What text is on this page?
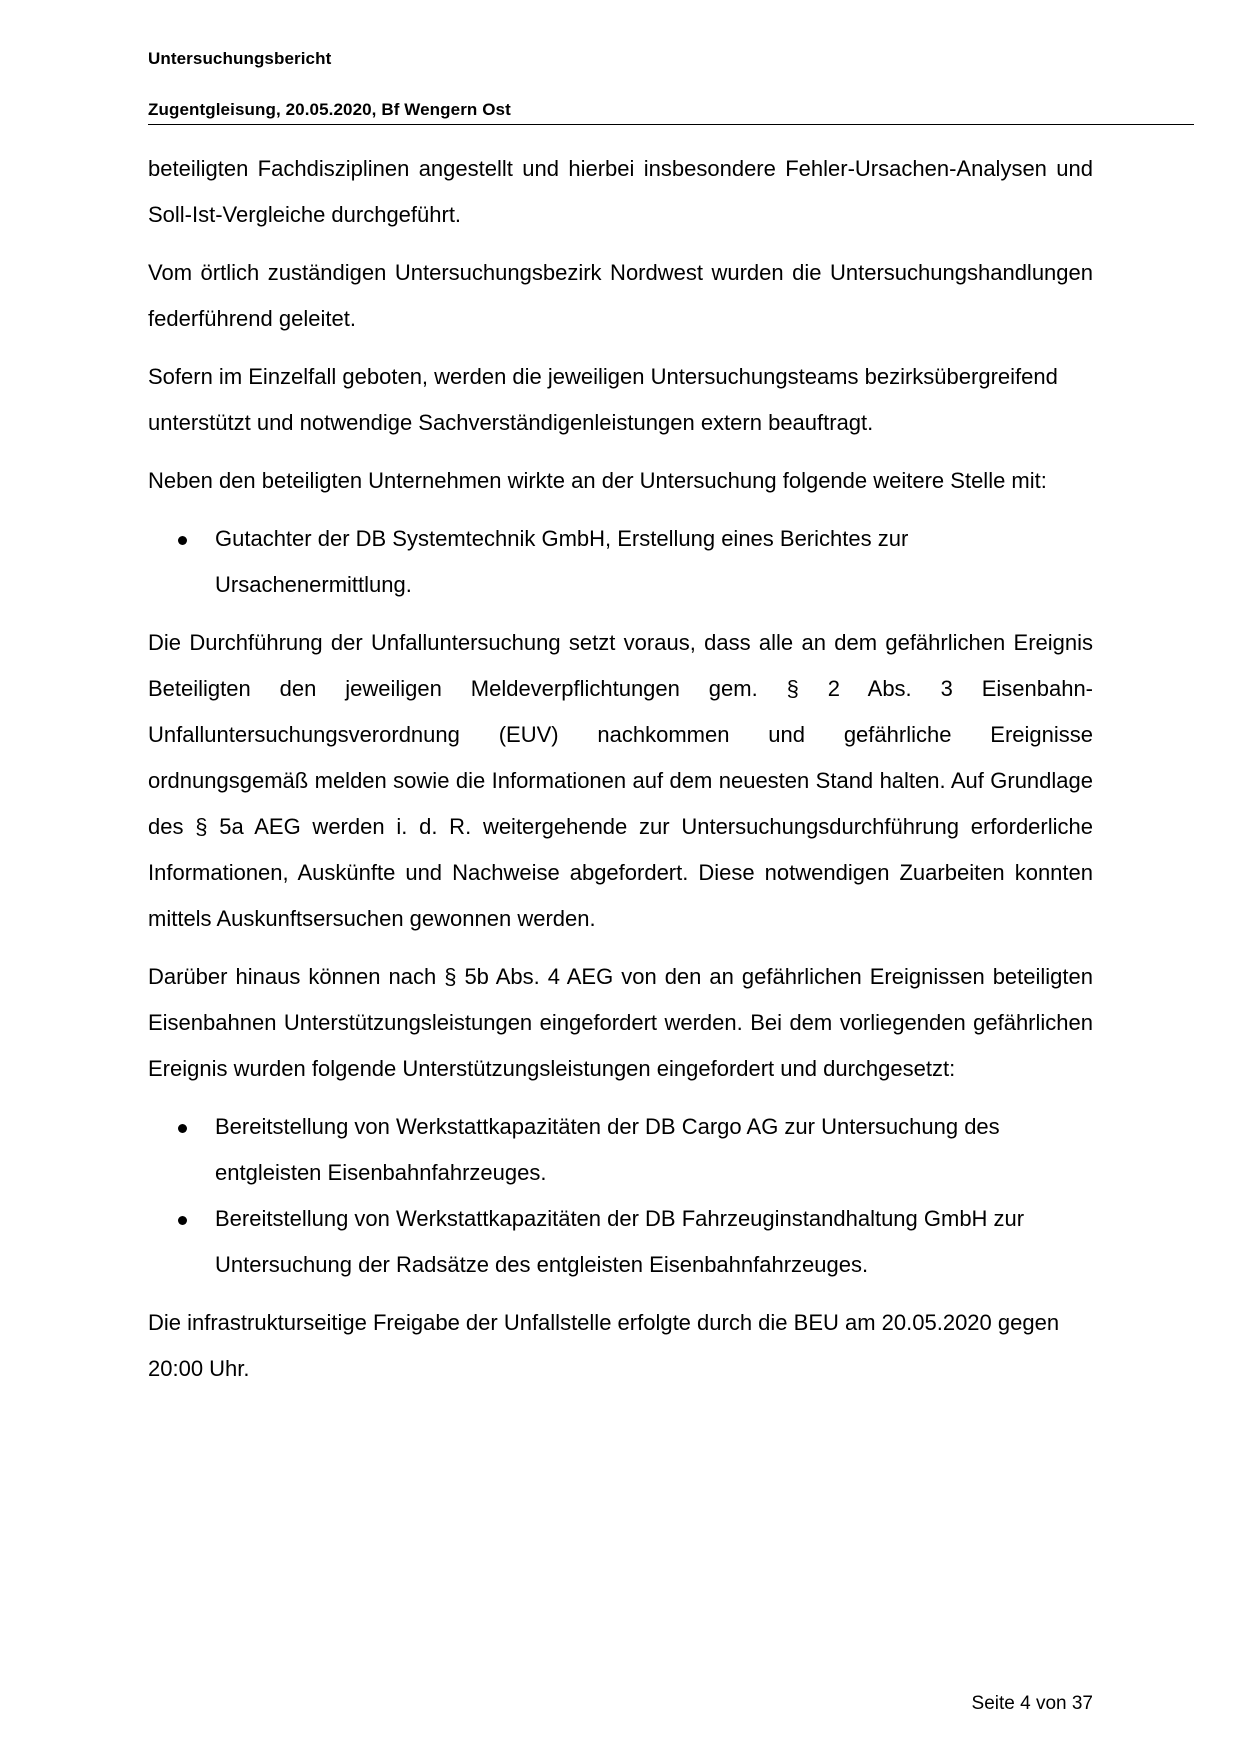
Untersuchungsbericht
Zugentgleisung, 20.05.2020, Bf Wengern Ost

beteiligten Fachdisziplinen angestellt und hierbei insbesondere Fehler-Ursachen-Analysen und Soll-Ist-Vergleiche durchgeführt.

Vom örtlich zuständigen Untersuchungsbezirk Nordwest wurden die Untersuchungshandlungen federführend geleitet.

Sofern im Einzelfall geboten, werden die jeweiligen Untersuchungsteams bezirksübergreifend unterstützt und notwendige Sachverständigenleistungen extern beauftragt.

Neben den beteiligten Unternehmen wirkte an der Untersuchung folgende weitere Stelle mit:

Gutachter der DB Systemtechnik GmbH, Erstellung eines Berichtes zur Ursachenermittlung.

Die Durchführung der Unfalluntersuchung setzt voraus, dass alle an dem gefährlichen Ereignis Beteiligten den jeweiligen Meldeverpflichtungen gem. § 2 Abs. 3 Eisenbahn-Unfalluntersuchungsverordnung (EUV) nachkommen und gefährliche Ereignisse ordnungsgemäß melden sowie die Informationen auf dem neuesten Stand halten. Auf Grundlage des § 5a AEG werden i. d. R. weitergehende zur Untersuchungsdurchführung erforderliche Informationen, Auskünfte und Nachweise abgefordert. Diese notwendigen Zuarbeiten konnten mittels Auskunftsersuchen gewonnen werden.

Darüber hinaus können nach § 5b Abs. 4 AEG von den an gefährlichen Ereignissen beteiligten Eisenbahnen Unterstützungsleistungen eingefordert werden. Bei dem vorliegenden gefährlichen Ereignis wurden folgende Unterstützungsleistungen eingefordert und durchgesetzt:

Bereitstellung von Werkstattkapazitäten der DB Cargo AG zur Untersuchung des entgleisten Eisenbahnfahrzeuges.
Bereitstellung von Werkstattkapazitäten der DB Fahrzeuginstandhaltung GmbH zur Untersuchung der Radsätze des entgleisten Eisenbahnfahrzeuges.

Die infrastrukturseitige Freigabe der Unfallstelle erfolgte durch die BEU am 20.05.2020 gegen 20:00 Uhr.

Seite 4 von 37
